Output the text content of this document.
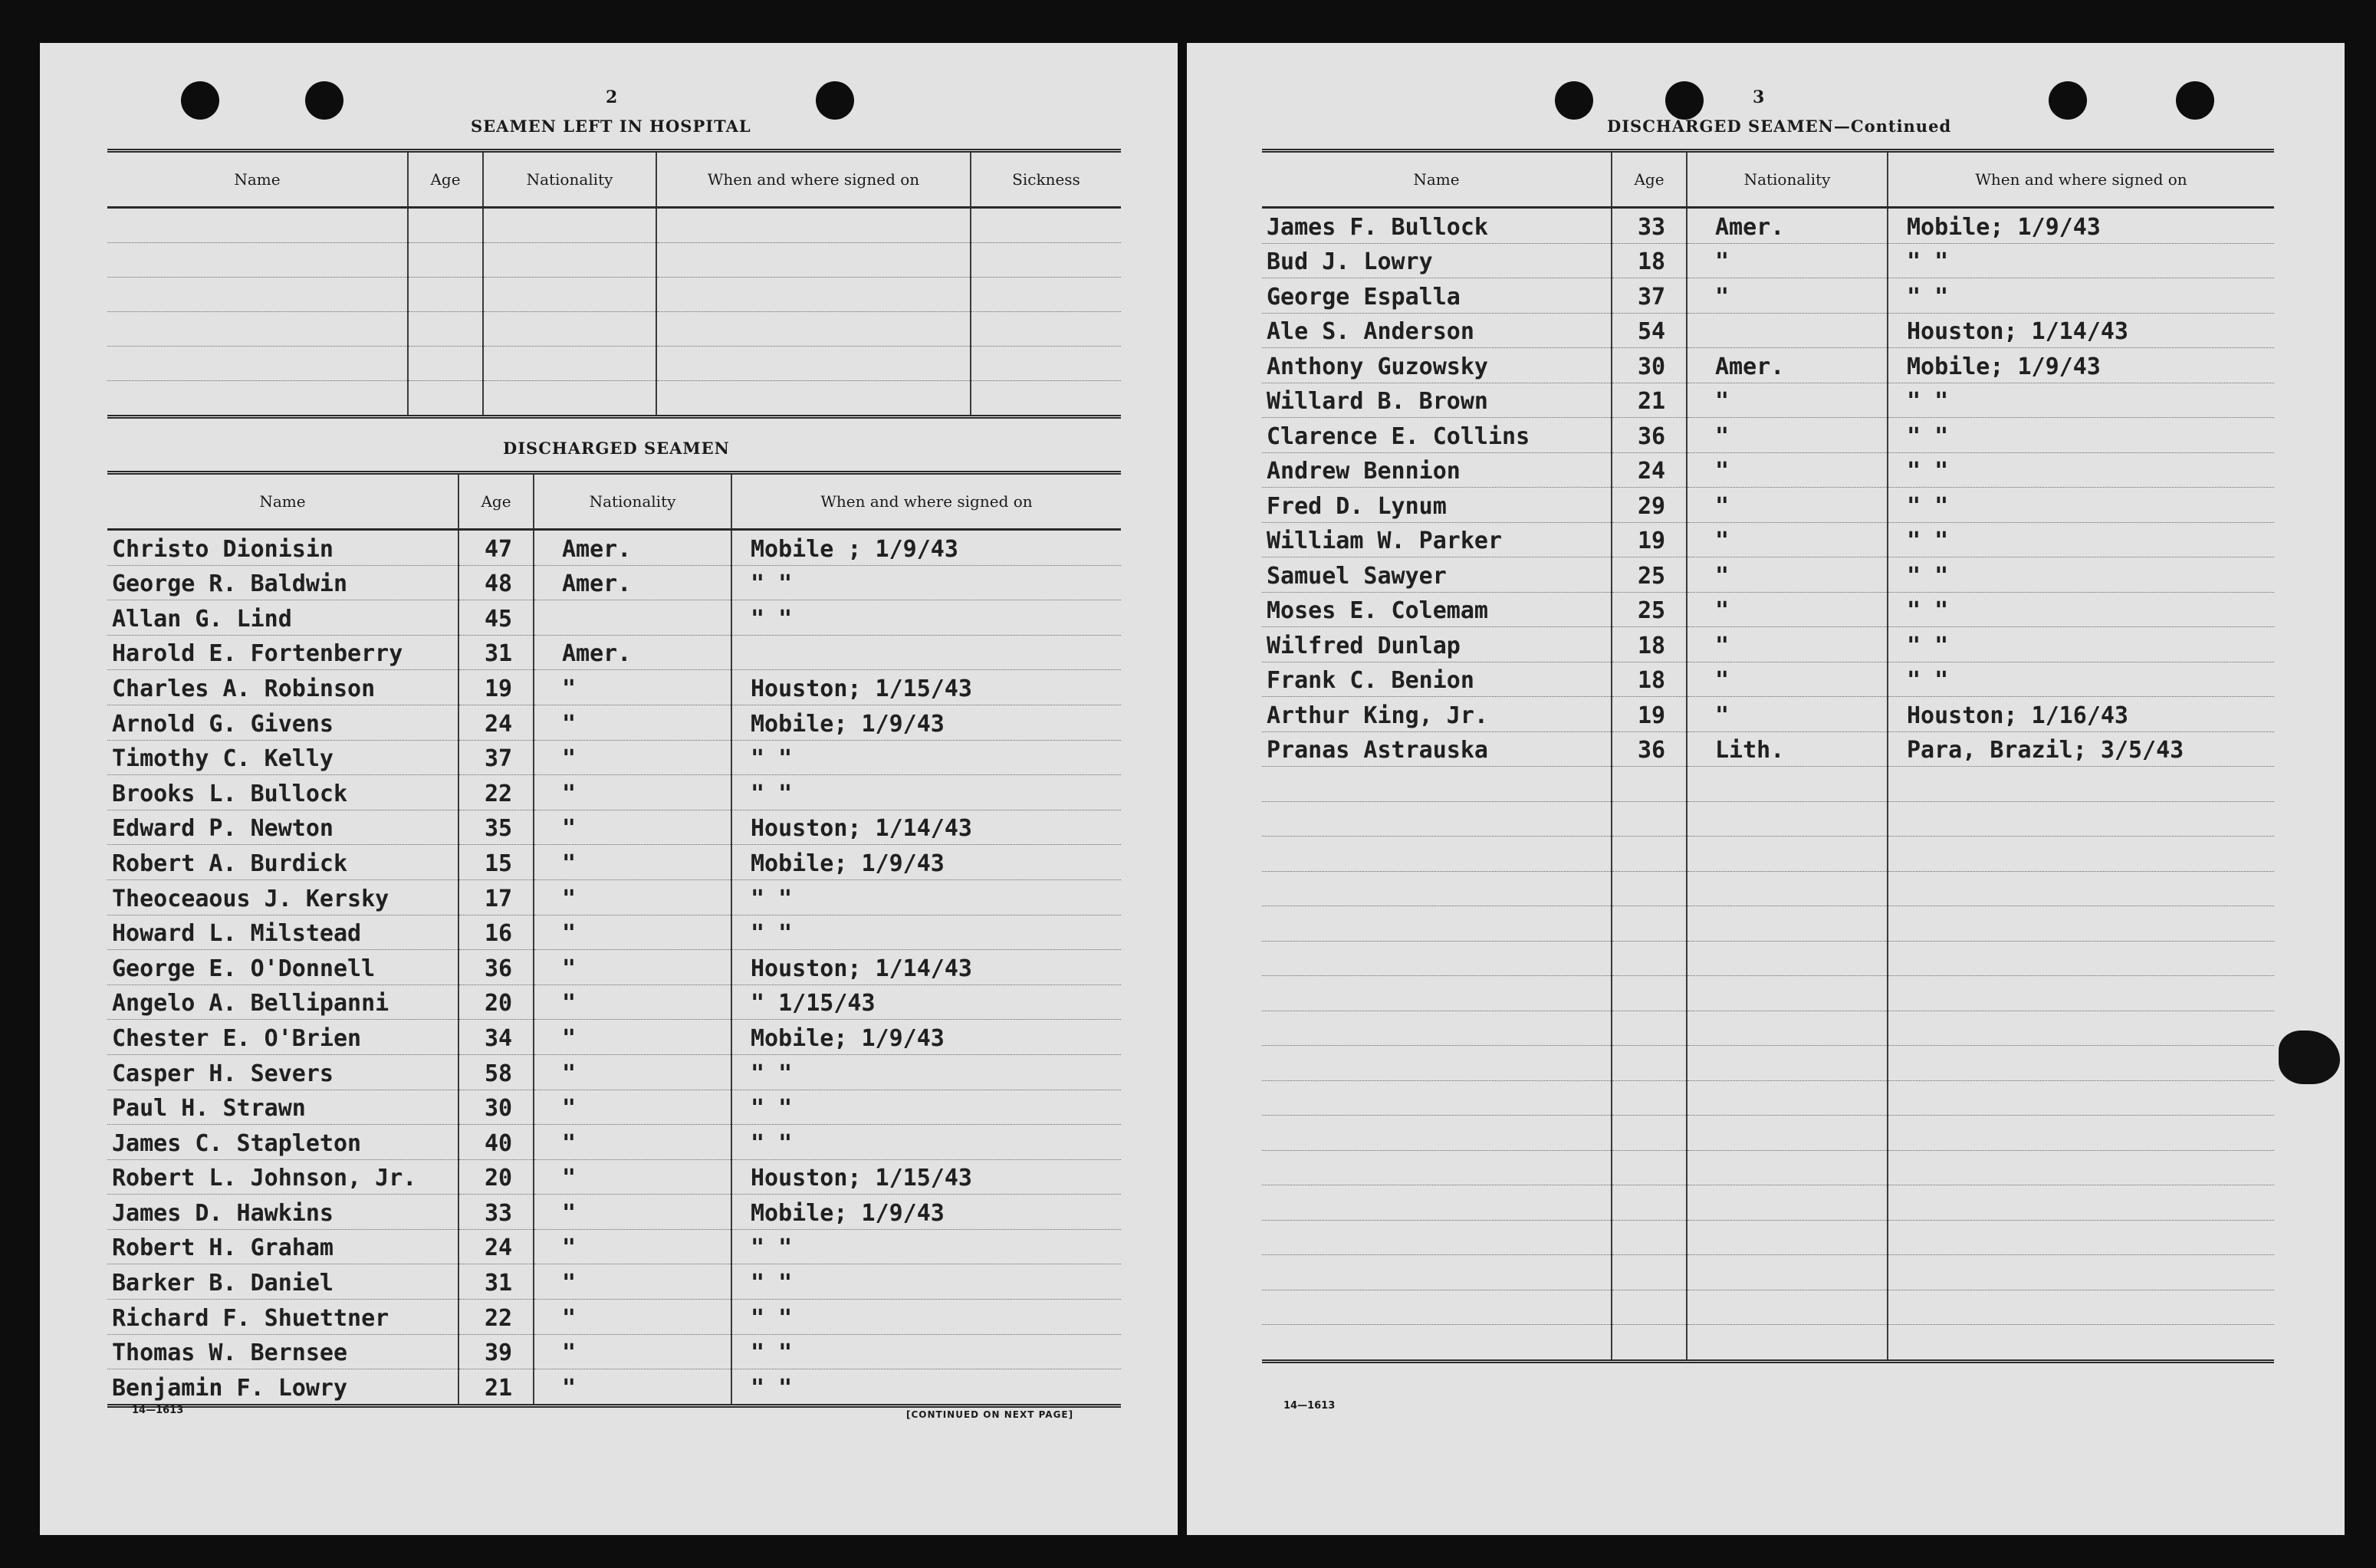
2
SEAMEN LEFT IN HOSPITAL
Name	Age	Nationality	When and where signed on	Sickness

DISCHARGED SEAMEN
Name	Age	Nationality	When and where signed on
Christo Dionisin	47	Amer.	Mobile ; 1/9/43
George R. Baldwin	48	Amer.	" "
Allan G. Lind	45		" "
Harold E. Fortenberry	31	Amer.	
Charles A. Robinson	19	"	Houston; 1/15/43
Arnold G. Givens	24	"	Mobile; 1/9/43
Timothy C. Kelly	37	"	" "
Brooks L. Bullock	22	"	" "
Edward P. Newton	35	"	Houston; 1/14/43
Robert A. Burdick	15	"	Mobile; 1/9/43
Theoceaous J. Kersky	17	"	" "
Howard L. Milstead	16	"	" "
George E. O'Donnell	36	"	Houston; 1/14/43
Angelo A. Bellipanni	20	"	" 1/15/43
Chester E. O'Brien	34	"	Mobile; 1/9/43
Casper H. Severs	58	"	" "
Paul H. Strawn	30	"	" "
James C. Stapleton	40	"	" "
Robert L. Johnson, Jr.	20	"	Houston; 1/15/43
James D. Hawkins	33	"	Mobile; 1/9/43
Robert H. Graham	24	"	" "
Barker B. Daniel	31	"	" "
Richard F. Shuettner	22	"	" "
Thomas W. Bernsee	39	"	" "
Benjamin F. Lowry	21	"	" "
14—1613	[CONTINUED ON NEXT PAGE]
3
DISCHARGED SEAMEN—Continued
Name	Age	Nationality	When and where signed on
James F. Bullock	33	Amer.	Mobile; 1/9/43
Bud J. Lowry	18	"	" "
George Espalla	37	"	" "
Ale S. Anderson	54		Houston; 1/14/43
Anthony Guzowsky	30	Amer.	Mobile; 1/9/43
Willard B. Brown	21	"	" "
Clarence E. Collins	36	"	" "
Andrew Bennion	24	"	" "
Fred D. Lynum	29	"	" "
William W. Parker	19	"	" "
Samuel Sawyer	25	"	" "
Moses E. Colemam	25	"	" "
Wilfred Dunlap	18	"	" "
Frank C. Benion	18	"	" "
Arthur King, Jr.	19	"	Houston; 1/16/43
Pranas Astrauska	36	Lith.	Para, Brazil; 3/5/43

14—1613
